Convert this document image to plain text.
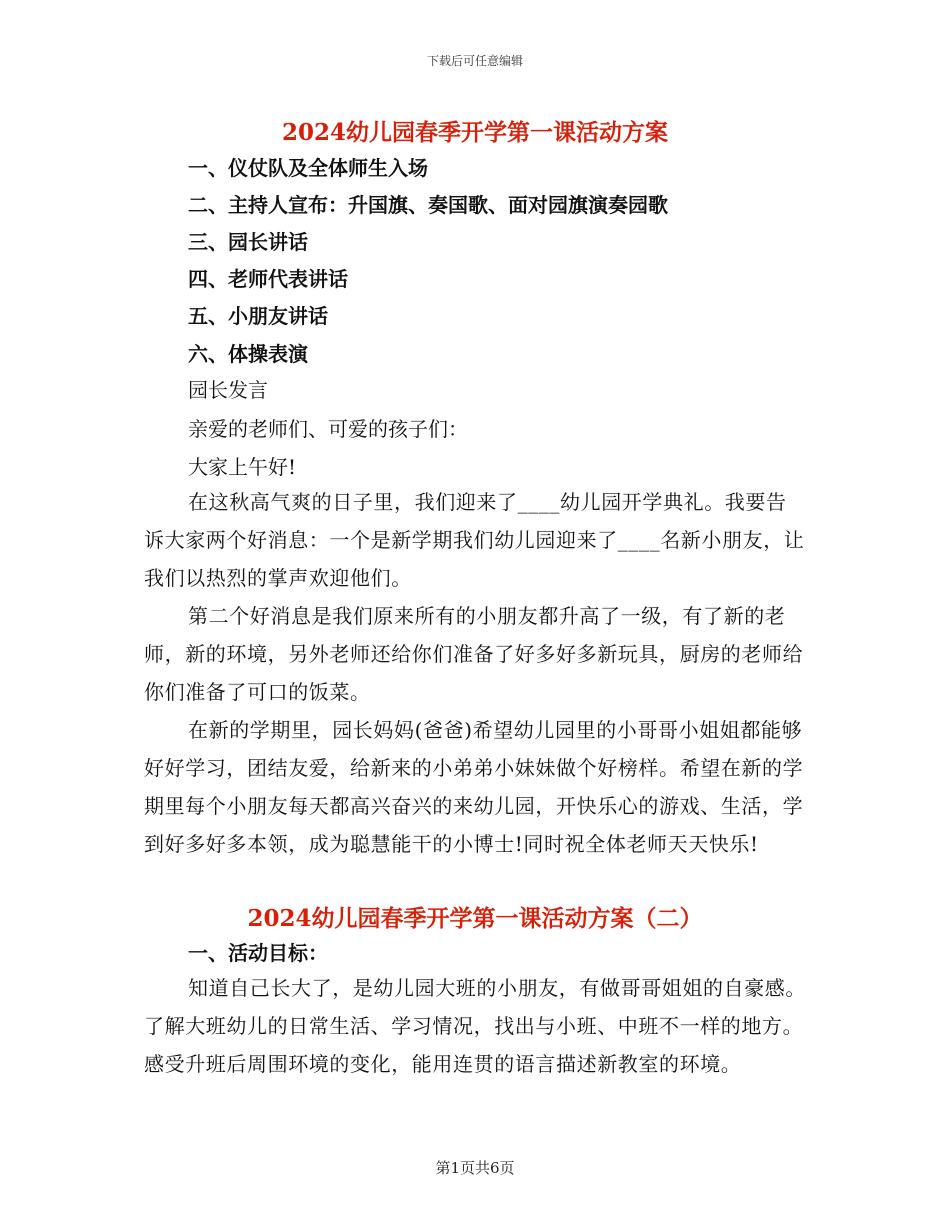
下载后可任意编辑
2024幼儿园春季开学第一课活动方案
一、仪仗队及全体师生入场
二、主持人宣布：升国旗、奏国歌、面对园旗演奏园歌
三、园长讲话
四、老师代表讲话
五、小朋友讲话
六、体操表演
园长发言
亲爱的老师们、可爱的孩子们：
大家上午好!

在这秋高气爽的日子里，我们迎来了____幼儿园开学典礼。我要告诉大家两个好消息：一个是新学期我们幼儿园迎来了____名新小朋友，让我们以热烈的掌声欢迎他们。

第二个好消息是我们原来所有的小朋友都升高了一级，有了新的老师，新的环境，另外老师还给你们准备了好多好多新玩具，厨房的老师给你们准备了可口的饭菜。

在新的学期里，园长妈妈(爸爸)希望幼儿园里的小哥哥小姐姐都能够好好学习，团结友爱，给新来的小弟弟小妹妹做个好榜样。希望在新的学期里每个小朋友每天都高兴奋兴的来幼儿园，开快乐心的游戏、生活，学到好多好多本领，成为聪慧能干的小博士!同时祝全体老师天天快乐!

2024幼儿园春季开学第一课活动方案（二）
一、活动目标：

知道自己长大了，是幼儿园大班的小朋友，有做哥哥姐姐的自豪感。了解大班幼儿的日常生活、学习情况，找出与小班、中班不一样的地方。感受升班后周围环境的变化，能用连贯的语言描述新教室的环境。

第1页共6页
